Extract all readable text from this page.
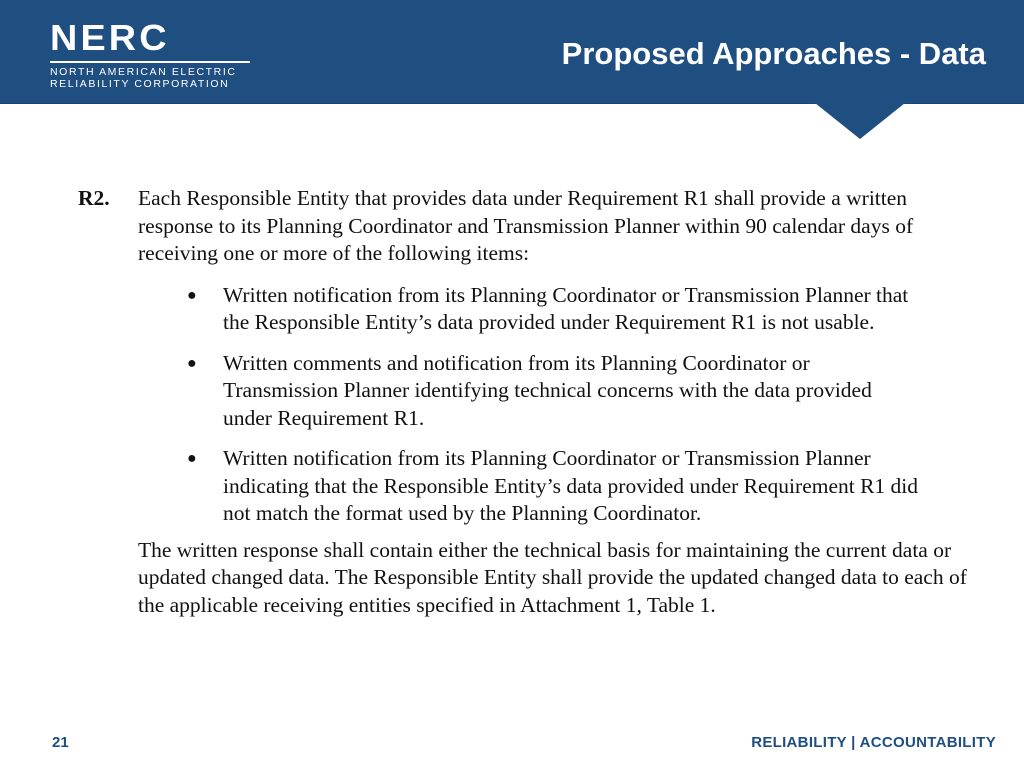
NERC
NORTH AMERICAN ELECTRIC
RELIABILITY CORPORATION
Proposed Approaches - Data
R2.	Each Responsible Entity that provides data under Requirement R1 shall provide a written response to its Planning Coordinator and Transmission Planner within 90 calendar days of receiving one or more of the following items:
● Written notification from its Planning Coordinator or Transmission Planner that the Responsible Entity’s data provided under Requirement R1 is not usable.
● Written comments and notification from its Planning Coordinator or Transmission Planner identifying technical concerns with the data provided under Requirement R1.
● Written notification from its Planning Coordinator or Transmission Planner indicating that the Responsible Entity’s data provided under Requirement R1 did not match the format used by the Planning Coordinator.
The written response shall contain either the technical basis for maintaining the current data or updated changed data. The Responsible Entity shall provide the updated changed data to each of the applicable receiving entities specified in Attachment 1, Table 1.
21	RELIABILITY | ACCOUNTABILITY
